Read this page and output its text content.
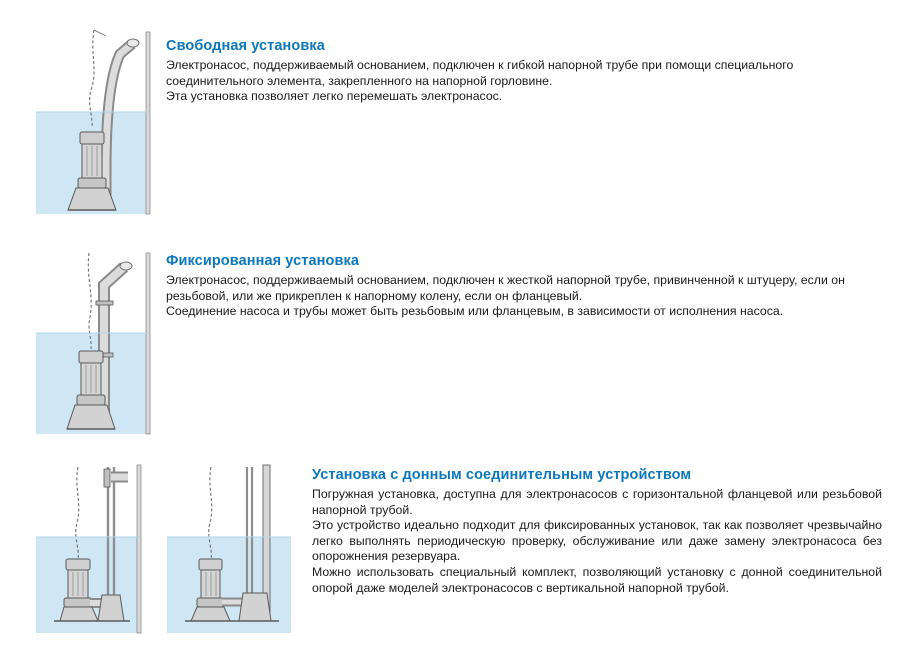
Свободная установка

Электронасос, поддерживаемый основанием, подключен к гибкой напорной трубе при помощи специального соединительного элемента, закрепленного на напорной горловине.

Эта установка позволяет легко перемешать электронасос.

Фиксированная установка

Электронасос, поддерживаемый основанием, подключен к жесткой напорной трубе, привинченной к штуцеру, если он резьбовой, или же прикреплен к напорному колену, если он фланцевый.

Соединение насоса и трубы может быть резьбовым или фланцевым, в зависимости от исполнения насоса.

Установка с донным соединительным устройством

Погружная установка, доступна для электронасосов с горизонтальной фланцевой или резьбовой напорной трубой.

Это устройство идеально подходит для фиксированных установок, так как позволяет чрезвычайно легко выполнять периодическую проверку, обслуживание или даже замену электронасоса без опорожнения резервуара.

Можно использовать специальный комплект, позволяющий установку с донной соединительной опорой даже моделей электронасосов с вертикальной напорной трубой.
